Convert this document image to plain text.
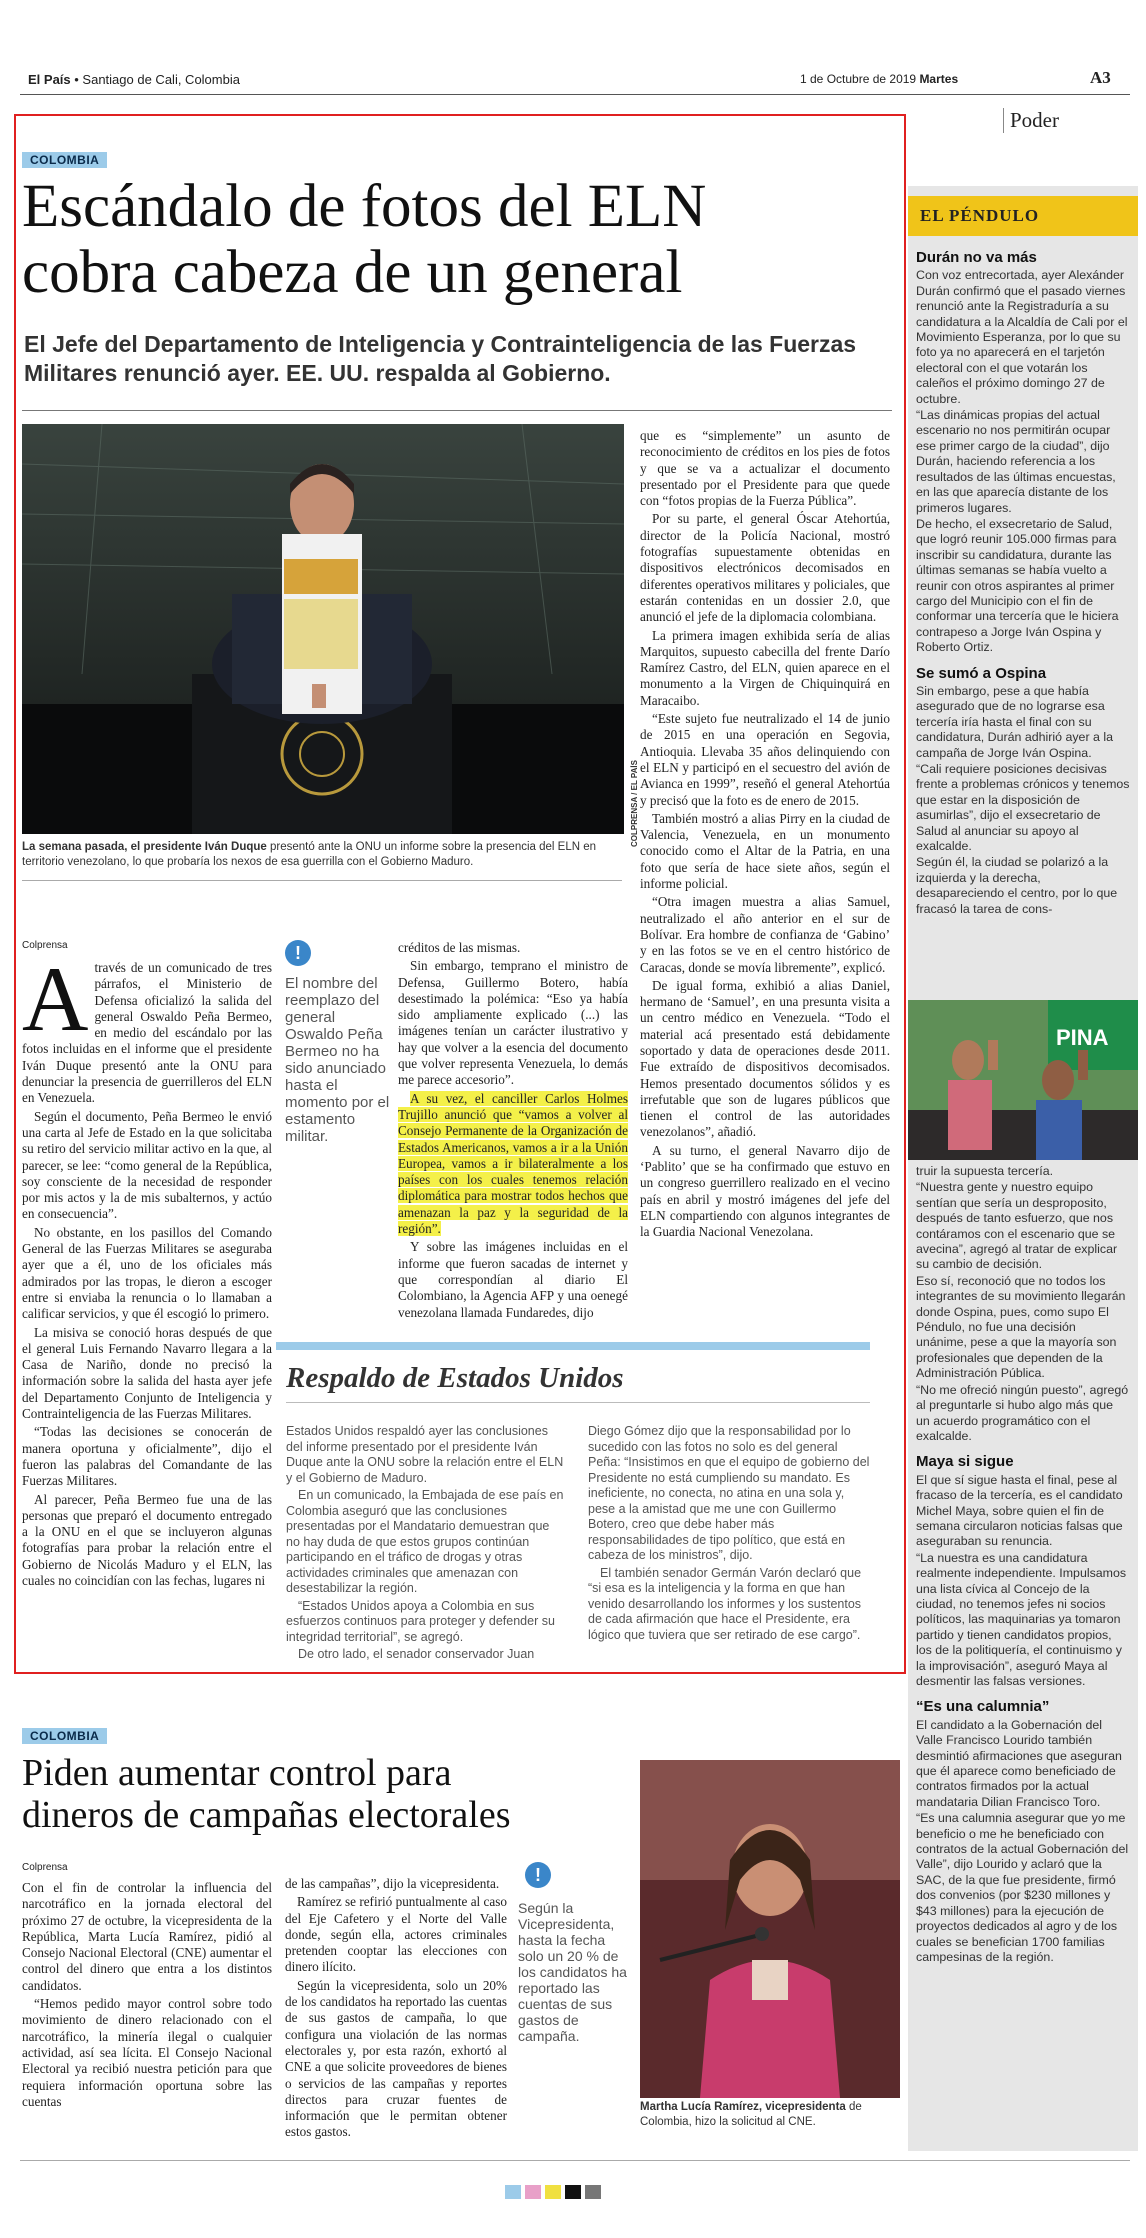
El País • Santiago de Cali, Colombia	1 de Octubre de 2019 Martes	A3
Poder
COLOMBIA
Escándalo de fotos del ELN
cobra cabeza de un general
El Jefe del Departamento de Inteligencia y Contrainteligencia de las Fuerzas Militares renunció ayer. EE. UU. respalda al Gobierno.
COLPRENSA / EL PAÍS
La semana pasada, el presidente Iván Duque presentó ante la ONU un informe sobre la presencia del ELN en territorio venezolano, lo que probaría los nexos de esa guerrilla con el Gobierno Maduro.
Colprensa
A través de un comunicado de tres párrafos, el Ministerio de Defensa oficializó la salida del general Oswaldo Peña Bermeo, en medio del escándalo por las fotos incluidas en el informe que el presidente Iván Duque presentó ante la ONU para denunciar la presencia de guerrilleros del ELN en Venezuela.

Según el documento, Peña Bermeo le envió una carta al Jefe de Estado en la que solicitaba su retiro del servicio militar activo en la que, al parecer, se lee: “como general de la República, soy consciente de la necesidad de responder por mis actos y la de mis subalternos, y actúo en consecuencia”.

No obstante, en los pasillos del Comando General de las Fuerzas Militares se aseguraba ayer que a él, uno de los oficiales más admirados por las tropas, le dieron a escoger entre si enviaba la renuncia o lo llamaban a calificar servicios, y que él escogió lo primero.

La misiva se conoció horas después de que el general Luis Fernando Navarro llegara a la Casa de Nariño, donde no precisó la información sobre la salida del hasta ayer jefe del Departamento Conjunto de Inteligencia y Contrainteligencia de las Fuerzas Militares.

“Todas las decisiones se conocerán de manera oportuna y oficialmente”, dijo el fueron las palabras del Comandante de las Fuerzas Militares.

Al parecer, Peña Bermeo fue una de las personas que preparó el documento entregado a la ONU en el que se incluyeron algunas fotografías para probar la relación entre el Gobierno de Nicolás Maduro y el ELN, las cuales no coincidían con las fechas, lugares ni

!
El nombre del reemplazo del general Oswaldo Peña Bermeo no ha sido anunciado hasta el momento por el estamento militar.

créditos de las mismas.

Sin embargo, temprano el ministro de Defensa, Guillermo Botero, había desestimado la polémica: “Eso ya había sido ampliamente explicado (...) las imágenes tenían un carácter ilustrativo y hay que volver a la esencia del documento que volver representa Venezuela, lo demás me parece accesorio”.

A su vez, el canciller Carlos Holmes Trujillo anunció que “vamos a volver al Consejo Permanente de la Organización de Estados Americanos, vamos a ir a la Unión Europea, vamos a ir bilateralmente a los países con los cuales tenemos relación diplomática para mostrar todos hechos que amenazan la paz y la seguridad de la región”.

Y sobre las imágenes incluidas en el informe que fueron sacadas de internet y que correspondían al diario El Colombiano, la Agencia AFP y una oenegé venezolana llamada Fundaredes, dijo

que es “simplemente” un asunto de reconocimiento de créditos en los pies de fotos y que se va a actualizar el documento presentado por el Presidente para que quede con “fotos propias de la Fuerza Pública”.

Por su parte, el general Óscar Atehortúa, director de la Policía Nacional, mostró fotografías supuestamente obtenidas en dispositivos electrónicos decomisados en diferentes operativos militares y policiales, que estarán contenidas en un dossier 2.0, que anunció el jefe de la diplomacia colombiana.

La primera imagen exhibida sería de alias Marquitos, supuesto cabecilla del frente Darío Ramírez Castro, del ELN, quien aparece en el monumento a la Virgen de Chiquinquirá en Maracaibo.

“Este sujeto fue neutralizado el 14 de junio de 2015 en una operación en Segovia, Antioquia. Llevaba 35 años delinquiendo con el ELN y participó en el secuestro del avión de Avianca en 1999”, reseñó el general Atehortúa y precisó que la foto es de enero de 2015.

También mostró a alias Pirry en la ciudad de Valencia, Venezuela, en un monumento conocido como el Altar de la Patria, en una foto que sería de hace siete años, según el informe policial.

“Otra imagen muestra a alias Samuel, neutralizado el año anterior en el sur de Bolívar. Era hombre de confianza de ‘Gabino’ y en las fotos se ve en el centro histórico de Caracas, donde se movía libremente”, explicó.

De igual forma, exhibió a alias Daniel, hermano de ‘Samuel’, en una presunta visita a un centro médico en Venezuela. “Todo el material acá presentado está debidamente soportado y data de operaciones desde 2011. Fue extraído de dispositivos decomisados. Hemos presentado documentos sólidos y es irrefutable que son de lugares públicos que tienen el control de las autoridades venezolanos”, añadió.

A su turno, el general Navarro dijo de ‘Pablito’ que se ha confirmado que estuvo en un congreso guerrillero realizado en el vecino país en abril y mostró imágenes del jefe del ELN compartiendo con algunos integrantes de la Guardia Nacional Venezolana.

Respaldo de Estados Unidos

Estados Unidos respaldó ayer las conclusiones del informe presentado por el presidente Iván Duque ante la ONU sobre la relación entre el ELN y el Gobierno de Maduro.

En un comunicado, la Embajada de ese país en Colombia aseguró que las conclusiones presentadas por el Mandatario demuestran que no hay duda de que estos grupos continúan participando en el tráfico de drogas y otras actividades criminales que amenazan con desestabilizar la región.

“Estados Unidos apoya a Colombia en sus esfuerzos continuos para proteger y defender su integridad territorial”, se agregó.

De otro lado, el senador conservador Juan

Diego Gómez dijo que la responsabilidad por lo sucedido con las fotos no solo es del general Peña: “Insistimos en que el equipo de gobierno del Presidente no está cumpliendo su mandato. Es ineficiente, no conecta, no atina en una sola y, pese a la amistad que me une con Guillermo Botero, creo que debe haber más responsabilidades de tipo político, que está en cabeza de los ministros”, dijo.

El también senador Germán Varón declaró que “si esa es la inteligencia y la forma en que han venido desarrollando los informes y los sustentos de cada afirmación que hace el Presidente, era lógico que tuviera que ser retirado de ese cargo”.

EL PÉNDULO
Durán no va más

Con voz entrecortada, ayer Alexánder Durán confirmó que el pasado viernes renunció ante la Registraduría a su candidatura a la Alcaldía de Cali por el Movimiento Esperanza, por lo que su foto ya no aparecerá en el tarjetón electoral con el que votarán los caleños el próximo domingo 27 de octubre.

“Las dinámicas propias del actual escenario no nos permitirán ocupar ese primer cargo de la ciudad”, dijo Durán, haciendo referencia a los resultados de las últimas encuestas, en las que aparecía distante de los primeros lugares.

De hecho, el exsecretario de Salud, que logró reunir 105.000 firmas para inscribir su candidatura, durante las últimas semanas se había vuelto a reunir con otros aspirantes al primer cargo del Municipio con el fin de conformar una tercería que le hiciera contrapeso a Jorge Iván Ospina y Roberto Ortiz.

Se sumó a Ospina

Sin embargo, pese a que había asegurado que de no lograrse esa tercería iría hasta el final con su candidatura, Durán adhirió ayer a la campaña de Jorge Iván Ospina.

“Cali requiere posiciones decisivas frente a problemas crónicos y tenemos que estar en la disposición de asumirlas”, dijo el exsecretario de Salud al anunciar su apoyo al exalcalde.

Según él, la ciudad se polarizó a la izquierda y la derecha, desapareciendo el centro, por lo que fracasó la tarea de cons-

PINA

truir la supuesta tercería.

“Nuestra gente y nuestro equipo sentían que sería un desproposito, después de tanto esfuerzo, que nos contáramos con el escenario que se avecina”, agregó al tratar de explicar su cambio de decisión.

Eso sí, reconoció que no todos los integrantes de su movimiento llegarán donde Ospina, pues, como supo El Péndulo, no fue una decisión unánime, pese a que la mayoría son profesionales que dependen de la Administración Pública.

“No me ofreció ningún puesto”, agregó al preguntarle si hubo algo más que un acuerdo programático con el exalcalde.

Maya si sigue

El que sí sigue hasta el final, pese al fracaso de la tercería, es el candidato Michel Maya, sobre quien el fin de semana circularon noticias falsas que aseguraban su renuncia.

“La nuestra es una candidatura realmente independiente. Impulsamos una lista cívica al Concejo de la ciudad, no tenemos jefes ni socios políticos, las maquinarias ya tomaron partido y tienen candidatos propios, los de la politiquería, el continuismo y la improvisación”, aseguró Maya al desmentir las falsas versiones.

“Es una calumnia”

El candidato a la Gobernación del Valle Francisco Lourido también desmintió afirmaciones que aseguran que él aparece como beneficiado de contratos firmados por la actual mandataria Dilian Francisco Toro.

“Es una calumnia asegurar que yo me beneficio o me he beneficiado con contratos de la actual Gobernación del Valle”, dijo Lourido y aclaró que la SAC, de la que fue presidente, firmó dos convenios (por $230 millones y $43 millones) para la ejecución de proyectos dedicados al agro y de los cuales se benefician 1700 familias campesinas de la región.

COLOMBIA
Piden aumentar control para
dineros de campañas electorales
Colprensa

Con el fin de controlar la influencia del narcotráfico en la jornada electoral del próximo 27 de octubre, la vicepresidenta de la República, Marta Lucía Ramírez, pidió al Consejo Nacional Electoral (CNE) aumentar el control del dinero que entra a los distintos candidatos.

“Hemos pedido mayor control sobre todo movimiento de dinero relacionado con el narcotráfico, la minería ilegal o cualquier actividad, así sea lícita. El Consejo Nacional Electoral ya recibió nuestra petición para que requiera información oportuna sobre las cuentas

de las campañas”, dijo la vicepresidenta.

Ramírez se refirió puntualmente al caso del Eje Cafetero y el Norte del Valle donde, según ella, actores criminales pretenden cooptar las elecciones con dinero ilícito.

Según la vicepresidenta, solo un 20% de los candidatos ha reportado las cuentas de sus gastos de campaña, lo que configura una violación de las normas electorales y, por esta razón, exhortó al CNE a que solicite proveedores de bienes o servicios de las campañas y reportes directos para cruzar fuentes de información que le permitan obtener estos gastos.

!
Según la Vicepresidenta, hasta la fecha solo un 20 % de los candidatos ha reportado las cuentas de sus gastos de campaña.
Martha Lucía Ramírez, vicepresidenta de Colombia, hizo la solicitud al CNE.
